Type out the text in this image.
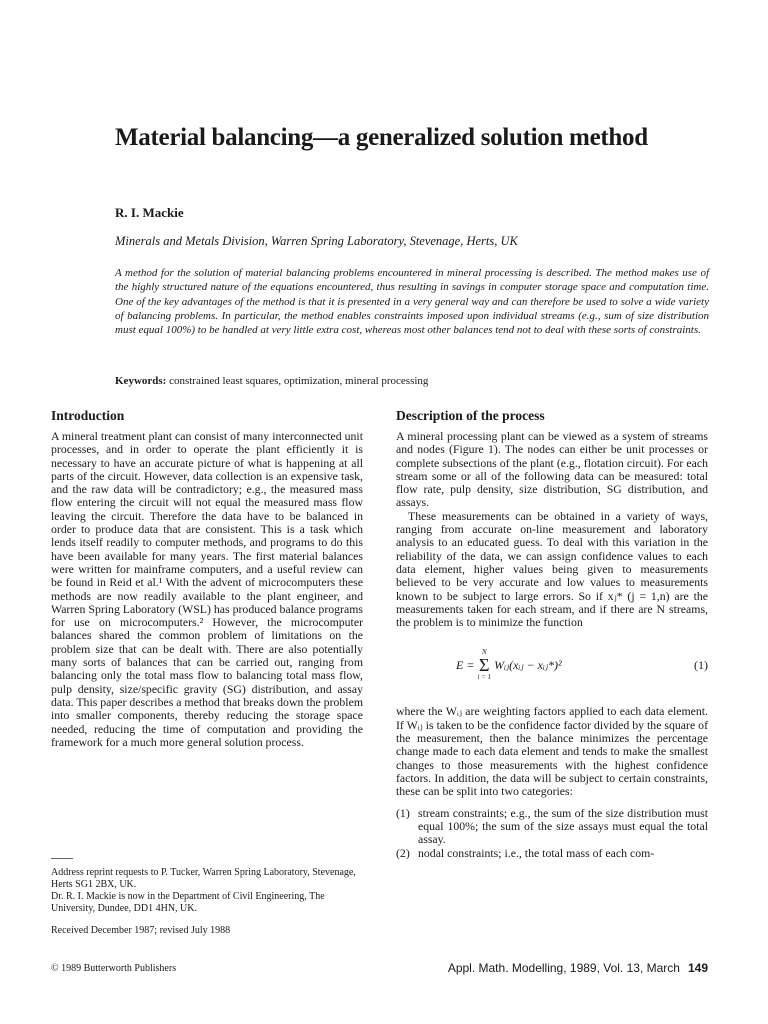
Material balancing—a generalized solution method

R. I. Mackie

Minerals and Metals Division, Warren Spring Laboratory, Stevenage, Herts, UK

A method for the solution of material balancing problems encountered in mineral processing is described. The method makes use of the highly structured nature of the equations encountered, thus resulting in savings in computer storage space and computation time. One of the key advantages of the method is that it is presented in a very general way and can therefore be used to solve a wide variety of balancing problems. In particular, the method enables constraints imposed upon individual streams (e.g., sum of size distribution must equal 100%) to be handled at very little extra cost, whereas most other balances tend not to deal with these sorts of constraints.

Keywords: constrained least squares, optimization, mineral processing

Introduction

A mineral treatment plant can consist of many interconnected unit processes, and in order to operate the plant efficiently it is necessary to have an accurate picture of what is happening at all parts of the circuit. However, data collection is an expensive task, and the raw data will be contradictory; e.g., the measured mass flow entering the circuit will not equal the measured mass flow leaving the circuit. Therefore the data have to be balanced in order to produce data that are consistent. This is a task which lends itself readily to computer methods, and programs to do this have been available for many years. The first material balances were written for mainframe computers, and a useful review can be found in Reid et al.¹ With the advent of microcomputers these methods are now readily available to the plant engineer, and Warren Spring Laboratory (WSL) has produced balance programs for use on microcomputers.² However, the microcomputer balances shared the common problem of limitations on the problem size that can be dealt with. There are also potentially many sorts of balances that can be carried out, ranging from balancing only the total mass flow to balancing total mass flow, pulp density, size/specific gravity (SG) distribution, and assay data. This paper describes a method that breaks down the problem into smaller components, thereby reducing the storage space needed, reducing the time of computation and providing the framework for a much more general solution process.

Address reprint requests to P. Tucker, Warren Spring Laboratory, Stevenage, Herts SG1 2BX, UK.

Dr. R. I. Mackie is now in the Department of Civil Engineering, The University, Dundee, DD1 4HN, UK.

Received December 1987; revised July 1988

Description of the process

A mineral processing plant can be viewed as a system of streams and nodes (Figure 1). The nodes can either be unit processes or complete subsections of the plant (e.g., flotation circuit). For each stream some or all of the following data can be measured: total flow rate, pulp density, size distribution, SG distribution, and assays.

These measurements can be obtained in a variety of ways, ranging from accurate on-line measurement and laboratory analysis to an educated guess. To deal with this variation in the reliability of the data, we can assign confidence values to each data element, higher values being given to measurements believed to be very accurate and low values to measurements known to be subject to large errors. So if xⱼ* (j = 1,n) are the measurements taken for each stream, and if there are N streams, the problem is to minimize the function

E =
N
Σ
i = 1
Wᵢⱼ(xᵢⱼ − xᵢⱼ*)²	(1)

where the Wᵢⱼ are weighting factors applied to each data element. If Wᵢⱼ is taken to be the confidence factor divided by the square of the measurement, then the balance minimizes the percentage change made to each data element and tends to make the smallest changes to those measurements with the highest confidence factors. In addition, the data will be subject to certain constraints, these can be split into two categories:

(1) stream constraints; e.g., the sum of the size distribution must equal 100%; the sum of the size assays must equal the total assay.
(2) nodal constraints; i.e., the total mass of each com-

© 1989 Butterworth Publishers	Appl. Math. Modelling, 1989, Vol. 13, March 149
